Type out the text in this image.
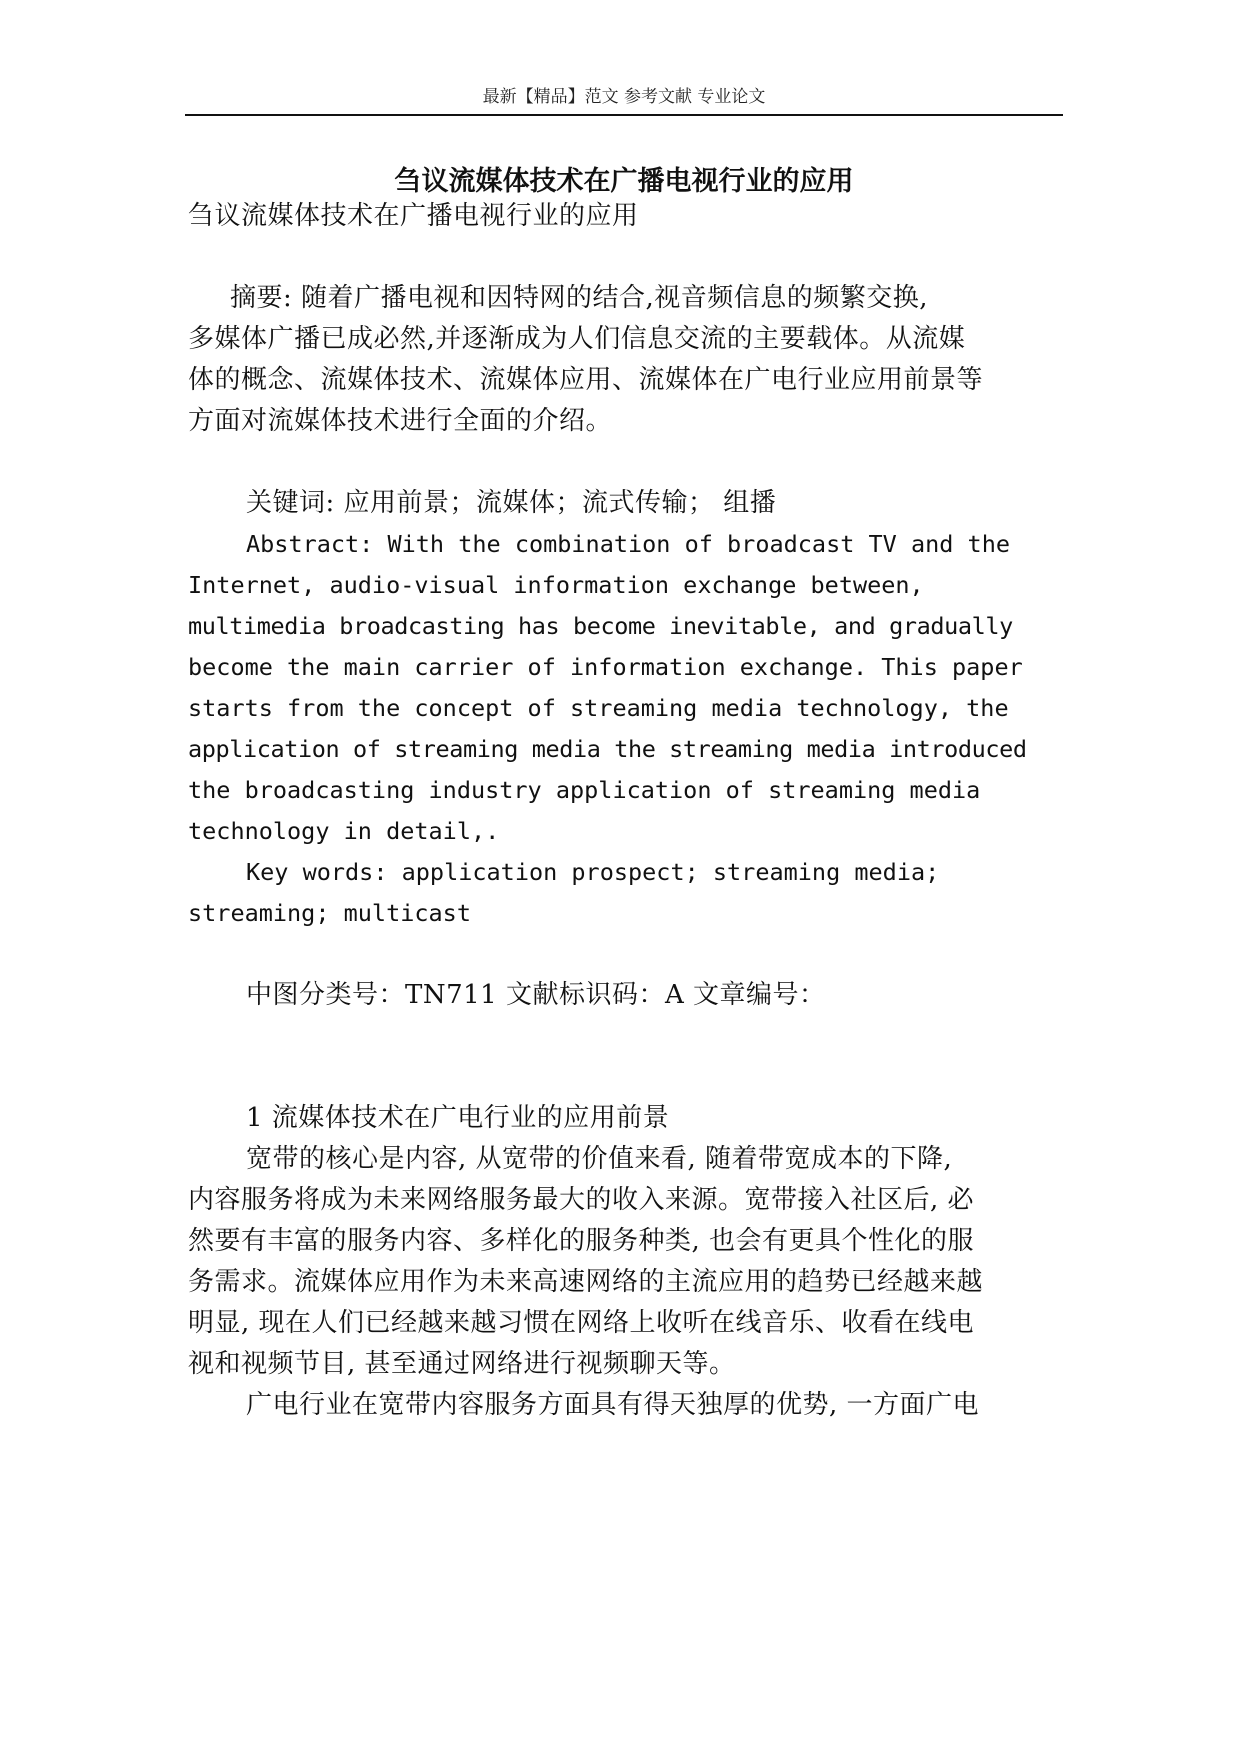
最新【精品】范文 参考文献 专业论文
刍议流媒体技术在广播电视行业的应用
刍议流媒体技术在广播电视行业的应用
摘要: 随着广播电视和因特网的结合,视音频信息的频繁交换,
多媒体广播已成必然,并逐渐成为人们信息交流的主要载体。从流媒
体的概念、流媒体技术、流媒体应用、流媒体在广电行业应用前景等
方面对流媒体技术进行全面的介绍。
关键词: 应用前景；流媒体；流式传输； 组播
Abstract: With the combination of broadcast TV and the
Internet, audio-visual information exchange between,
multimedia broadcasting has become inevitable, and gradually
become the main carrier of information exchange. This paper
starts from the concept of streaming media technology, the
application of streaming media the streaming media introduced
the broadcasting industry application of streaming media
technology in detail,.
Key words: application prospect; streaming media;
streaming; multicast
中图分类号：TN711 文献标识码：A 文章编号：
1 流媒体技术在广电行业的应用前景
宽带的核心是内容, 从宽带的价值来看, 随着带宽成本的下降,
内容服务将成为未来网络服务最大的收入来源。宽带接入社区后, 必
然要有丰富的服务内容、多样化的服务种类, 也会有更具个性化的服
务需求。流媒体应用作为未来高速网络的主流应用的趋势已经越来越
明显, 现在人们已经越来越习惯在网络上收听在线音乐、收看在线电
视和视频节目, 甚至通过网络进行视频聊天等。
广电行业在宽带内容服务方面具有得天独厚的优势, 一方面广电
